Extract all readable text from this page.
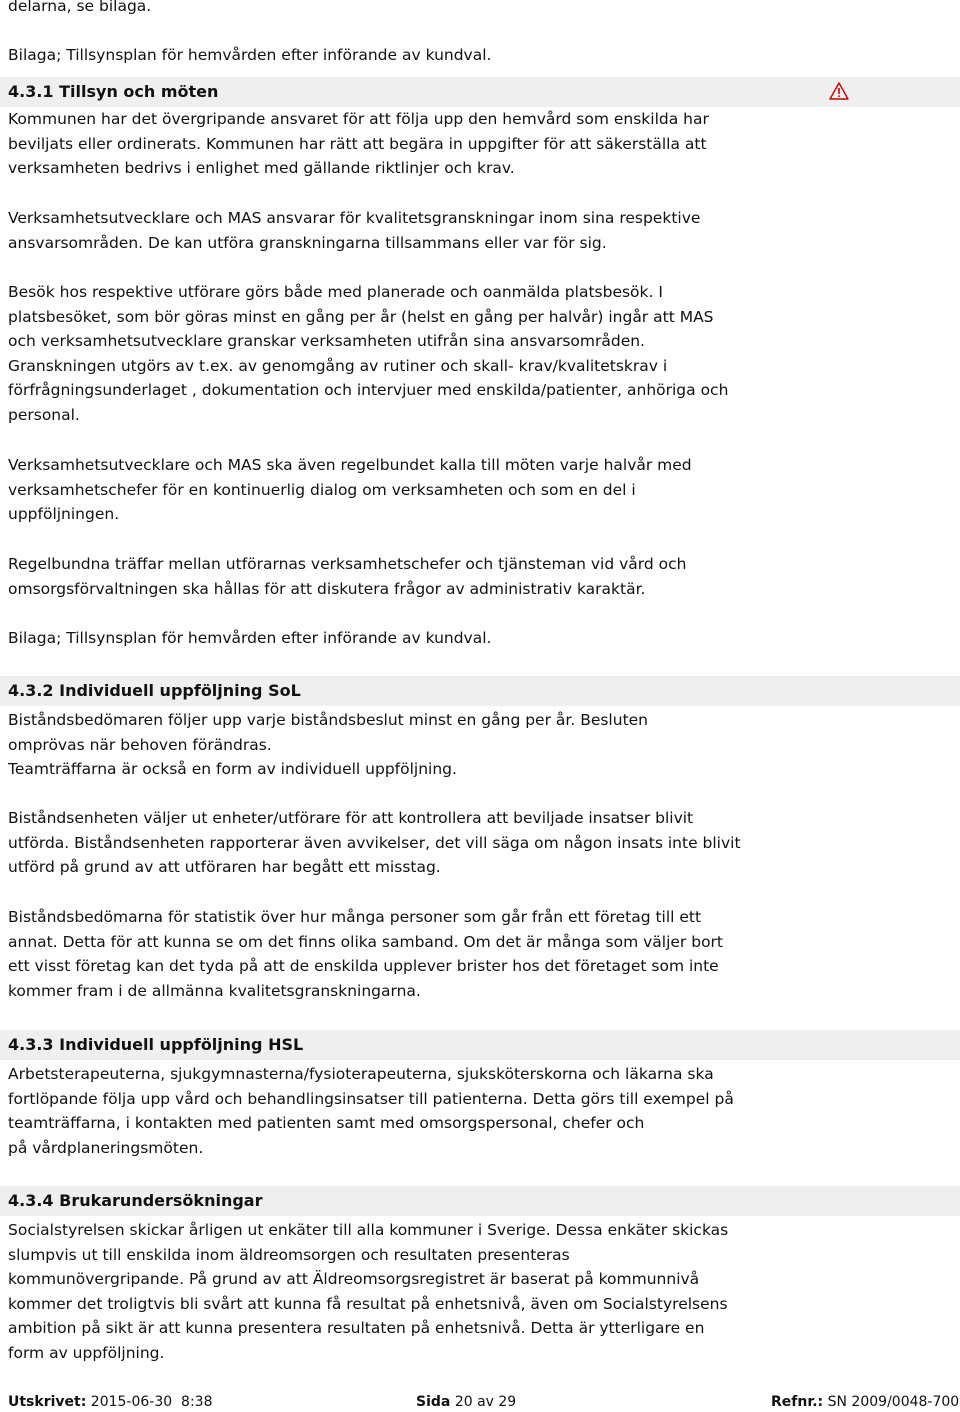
delarna, se bilaga.
Bilaga; Tillsynsplan för hemvården efter införande av kundval.
4.3.1 Tillsyn och möten
Kommunen har det övergripande ansvaret för att följa upp den hemvård som enskilda har
beviljats eller ordinerats. Kommunen har rätt att begära in uppgifter för att säkerställa att
verksamheten bedrivs i enlighet med gällande riktlinjer och krav.
Verksamhetsutvecklare och MAS ansvarar för kvalitetsgranskningar inom sina respektive
ansvarsområden. De kan utföra granskningarna tillsammans eller var för sig.
Besök hos respektive utförare görs både med planerade och oanmälda platsbesök. I
platsbesöket, som bör göras minst en gång per år (helst en gång per halvår) ingår att MAS
och verksamhetsutvecklare granskar verksamheten utifrån sina ansvarsområden.
Granskningen utgörs av t.ex. av genomgång av rutiner och skall- krav/kvalitetskrav i
förfrågningsunderlaget , dokumentation och intervjuer med enskilda/patienter, anhöriga och
personal.
Verksamhetsutvecklare och MAS ska även regelbundet kalla till möten varje halvår med
verksamhetschefer för en kontinuerlig dialog om verksamheten och som en del i
uppföljningen.
Regelbundna träffar mellan utförarnas verksamhetschefer och tjänsteman vid vård och
omsorgsförvaltningen ska hållas för att diskutera frågor av administrativ karaktär.
Bilaga; Tillsynsplan för hemvården efter införande av kundval.
4.3.2 Individuell uppföljning SoL
Biståndsbedömaren följer upp varje biståndsbeslut minst en gång per år. Besluten
omprövas när behoven förändras.
Teamträffarna är också en form av individuell uppföljning.
Biståndsenheten väljer ut enheter/utförare för att kontrollera att beviljade insatser blivit
utförda. Biståndsenheten rapporterar även avvikelser, det vill säga om någon insats inte blivit
utförd på grund av att utföraren har begått ett misstag.
Biståndsbedömarna för statistik över hur många personer som går från ett företag till ett
annat. Detta för att kunna se om det finns olika samband. Om det är många som väljer bort
ett visst företag kan det tyda på att de enskilda upplever brister hos det företaget som inte
kommer fram i de allmänna kvalitetsgranskningarna.
4.3.3 Individuell uppföljning HSL
Arbetsterapeuterna, sjukgymnasterna/fysioterapeuterna, sjuksköterskorna och läkarna ska
fortlöpande följa upp vård och behandlingsinsatser till patienterna. Detta görs till exempel på
teamträffarna, i kontakten med patienten samt med omsorgspersonal, chefer och
på vårdplaneringsmöten.
4.3.4 Brukarundersökningar
Socialstyrelsen skickar årligen ut enkäter till alla kommuner i Sverige. Dessa enkäter skickas
slumpvis ut till enskilda inom äldreomsorgen och resultaten presenteras
kommunövergripande. På grund av att Äldreomsorgsregistret är baserat på kommunnivå
kommer det troligtvis bli svårt att kunna få resultat på enhetsnivå, även om Socialstyrelsens
ambition på sikt är att kunna presentera resultaten på enhetsnivå. Detta är ytterligare en
form av uppföljning.
Utskrivet: 2015-06-30  8:38	Sida 20 av 29	Refnr.: SN 2009/0048-700
